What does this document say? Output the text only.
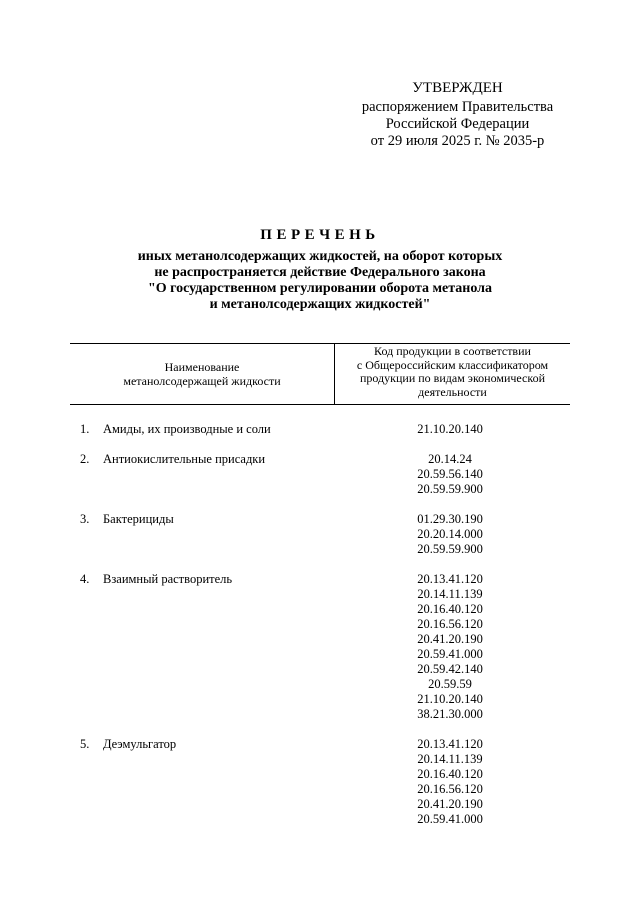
УТВЕРЖДЕН
распоряжением Правительства
Российской Федерации
от 29 июля 2025 г. № 2035-р
ПЕРЕЧЕНЬ
иных метанолсодержащих жидкостей, на оборот которых
не распространяется действие Федерального закона
"О государственном регулировании оборота метанола
и метанолсодержащих жидкостей"
Наименование
метанолсодержащей жидкости
Код продукции в соответствии
с Общероссийским классификатором
продукции по видам экономической
деятельности
1. Амиды, их производные и соли	21.10.20.140
2. Антиокислительные присадки	20.14.24
20.59.56.140
20.59.59.900
3. Бактерициды	01.29.30.190
20.20.14.000
20.59.59.900
4. Взаимный растворитель	20.13.41.120
20.14.11.139
20.16.40.120
20.16.56.120
20.41.20.190
20.59.41.000
20.59.42.140
20.59.59
21.10.20.140
38.21.30.000
5. Деэмульгатор	20.13.41.120
20.14.11.139
20.16.40.120
20.16.56.120
20.41.20.190
20.59.41.000
